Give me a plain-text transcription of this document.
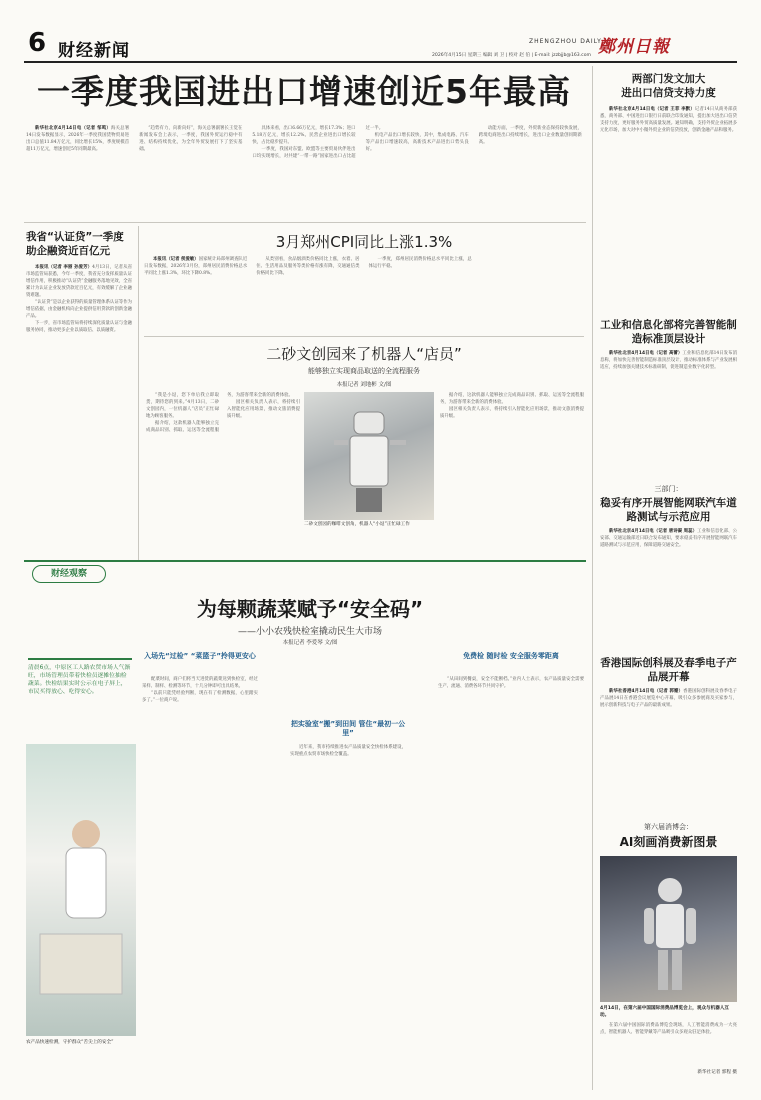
6 财经新闻	ZHENGZHOU DAILY
鄭州日報
2026年4月15日 星期三 编辑 刘 卫 | 校对 赵 伯 | E-mail: jzzbjjb@163.com
一季度我国进出口增速创近5年最高

新华社北京4月14日电（记者 邹鸣）海关总署14日发布数据显示，2026年一季度我国货物贸易进出口总值11.84万亿元，同比增长15%，季度规模首超11万亿元，增速创近5年同期最高。

“趋势有力，向新向好”，海关总署副署长王觉在新闻发布会上表示，一季度，我国外贸运行稳中有进、结构持续优化，为全年外贸发展打下了坚实基础。

具体来看，出口6.66万亿元，增长17.3%；进口5.18万亿元，增长12.2%。民营企业进出口增长较快，占比稳步提升。

一季度，我国对东盟、欧盟等主要贸易伙伴进出口均实现增长，对共建“一带一路”国家进出口占比超过一半。

机电产品出口增长较快，其中，集成电路、汽车等产品出口增速较高，高新技术产品进出口势头良好。

动能方面，一季度，外贸新业态保持较快发展，跨境电商进出口持续增长，进出口企业数量创同期新高。

我省“认证贷”一季度助企融资近百亿元

本报讯（记者 李丽 孙爱芳）4月13日，记者从省市场监管局获悉，今年一季度，我省充分发挥质量认证增信作用，积极推动“认证贷”金融服务落地见效，全省累计为认证企业发放贷款近百亿元，有效缓解了企业融资难题。

“认证贷”是以企业获得的质量管理体系认证等作为增信依据，由金融机构向企业提供信用贷款的创新金融产品。

下一步，省市场监管局将持续深化质量认证与金融服务协同，推动更多企业以质取信、以质融资。

3月郑州CPI同比上涨1.3%

本报讯（记者 侯爱敏）国家统计局郑州调查队近日发布数据，2026年3月份，郑州居民消费价格总水平同比上涨1.3%，环比下降0.8%。

从类别看，食品烟酒类价格同比上涨，衣着、居住、生活用品及服务等类价格有涨有降，交通通信类价格同比下降。

一季度，郑州居民消费价格总水平同比上涨，总体运行平稳。

二砂文创园来了机器人“店员”
能够独立实现商品取送的全流程服务
本报记者 刘地彬 文/图

“我是小逗，您下单后我立即取货，期待您的到来。”4月13日，二砂文创园内，一位机器人“店员”正忙碌地为顾客服务。

据介绍，这款机器人能够独立完成商品识别、抓取、运送等全流程服务，为游客带来全新的消费体验。

园区相关负责人表示，将持续引入智能化应用场景，推动文旅消费提质升级。

二砂文创园的咖啡文创角，机器人“小逗”正忙碌工作

据介绍，这款机器人能够独立完成商品识别、抓取、运送等全流程服务，为游客带来全新的消费体验。

园区相关负责人表示，将持续引入智能化应用场景，推动文旅消费提质升级。

财经观察
为每颗蔬菜赋予“安全码”
——小小农残快检室撬动民生大市场
本报记者 李爱琴 文/图
清晨6点，中原区工人路农贸市场人气渐旺，市场管理员带着快检员逐摊位抽检蔬菜。快检结果实时公示在电子屏上，市民买得放心、吃得安心。
农产品快速检测，守护群众“舌尖上的安全”
入场先“过检” “菜篮子”拎得更安心

配菜时间，商户们将当天进货的蔬菜送到快检室，经过采样、制样、检测等环节，十几分钟即可出具结果。

“以前只能凭经验判断，现在有了检测数据，心里踏实多了。”一位商户说。

把实验室“搬”到田间 管住“最初一公里”

近年来，我市持续推进农产品质量安全快检体系建设，实现重点农贸市场快检全覆盖。

免费检 随时检 安全服务零距离

“从田间到餐桌，安全不能断档。”业内人士表示，农产品质量安全需要生产、流通、消费各环节共同守护。

两部门发文加大
进出口信贷支持力度

新华社北京4月14日电（记者 王菲 李默）记者14日从商务部获悉，商务部、中国进出口银行日前联合印发通知，提出加大进出口信贷支持力度，更好服务外贸高质量发展。通知明确，支持外贸企业拓展多元化市场，加大对中小微外贸企业的信贷投放，创新金融产品和服务。

工业和信息化部将完善智能制造标准顶层设计

新华社北京4月14日电（记者 高蕾）工业和信息化部14日发布消息称，将加快完善智能制造标准顶层设计，推动标准体系与产业发展相适应，持续加强关键技术标准研制，促进制造业数字化转型。

三部门：
稳妥有序开展智能网联汽车道路测试与示范应用

新华社北京4月14日电（记者 唐诗凝 周蕊）工业和信息化部、公安部、交通运输部近日联合发布通知，要求稳妥有序开展智能网联汽车道路测试与示范应用，保障道路交通安全。

香港国际创科展及春季电子产品展开幕

新华社香港4月14日电（记者 郭姗）香港国际创科展及春季电子产品展14日在香港会议展览中心开幕，吸引众多参展商及买家参与，展示创新科技与电子产品的最新成果。

第六届消博会：
AI刻画消费新图景
4月14日，在第六届中国国际消费品博览会上，观众与机器人互动。

在第六届中国国际消费品博览会现场，人工智能消费成为一大亮点，智能机器人、智能穿戴等产品吸引众多观众驻足体验。

新华社记者 郭程 摄
